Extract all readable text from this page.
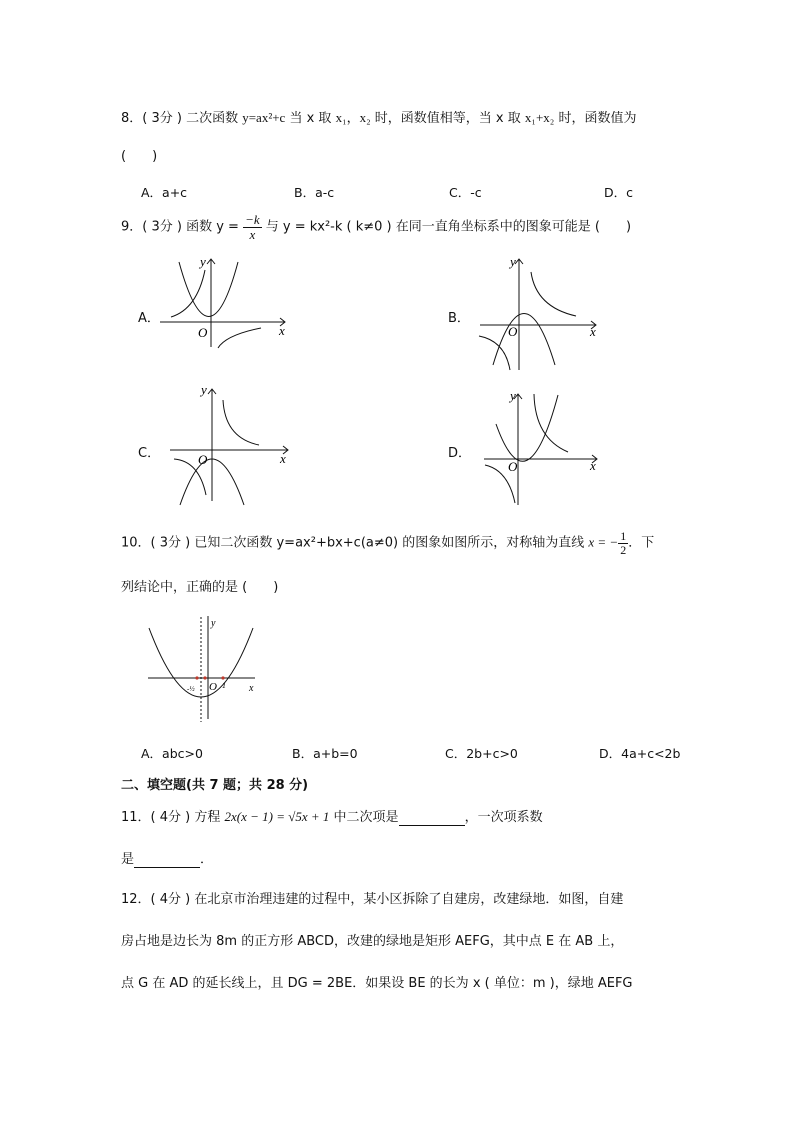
8．( 3分 ) 二次函数 y=ax²+c 当 x 取 x₁，x₂ 时，函数值相等，当 x 取 x₁+x₂ 时，函数值为
(　　)
A．a+c	B．a-c	C．-c	D．c
9．( 3分 ) 函数 $y = \frac{-k}{x}$ 与 y = kx²-k ( k≠0 ) 在同一直角坐标系中的图象可能是 (　　)
A．	B．
C．	D．
y
x
O
y
x
O
y
x
O
y
x
O
10．( 3分 ) 已知二次函数 y=ax²+bx+c(a≠0) 的图象如图所示，对称轴为直线 x = − $\frac{1}{2}$ ．下
列结论中，正确的是 (　　)
y
x
O
-½	1
A．abc>0	B．a+b=0	C．2b+c>0	D．4a+c<2b
二、填空题(共 7 题；共 28 分)
11．( 4分 ) 方程 2x(x − 1) = √5x + 1 中二次项是	，一次项系数
是	．
12．( 4分 ) 在北京市治理违建的过程中，某小区拆除了自建房，改建绿地．如图，自建
房占地是边长为 8m 的正方形 ABCD，改建的绿地是矩形 AEFG，其中点 E 在 AB 上，
点 G 在 AD 的延长线上，且 DG = 2BE．如果设 BE 的长为 x ( 单位：m )，绿地 AEFG
